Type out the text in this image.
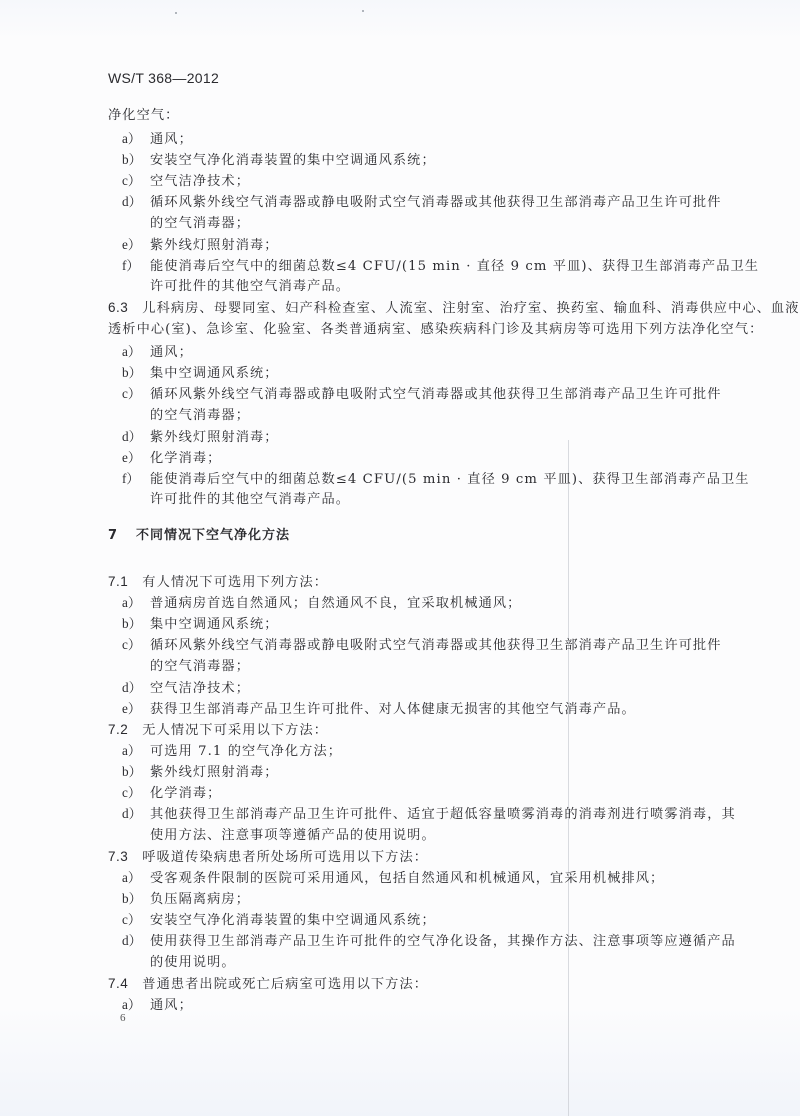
WS/T 368—2012
净化空气：
a） 通风；
b） 安装空气净化消毒装置的集中空调通风系统；
c） 空气洁净技术；
d） 循环风紫外线空气消毒器或静电吸附式空气消毒器或其他获得卫生部消毒产品卫生许可批件
的空气消毒器；
e） 紫外线灯照射消毒；
f） 能使消毒后空气中的细菌总数≤4 CFU/(15 min · 直径 9 cm 平皿)、获得卫生部消毒产品卫生
许可批件的其他空气消毒产品。
6.3 儿科病房、母婴同室、妇产科检查室、人流室、注射室、治疗室、换药室、输血科、消毒供应中心、血液
透析中心(室)、急诊室、化验室、各类普通病室、感染疾病科门诊及其病房等可选用下列方法净化空气：
a） 通风；
b） 集中空调通风系统；
c） 循环风紫外线空气消毒器或静电吸附式空气消毒器或其他获得卫生部消毒产品卫生许可批件
的空气消毒器；
d） 紫外线灯照射消毒；
e） 化学消毒；
f） 能使消毒后空气中的细菌总数≤4 CFU/(5 min · 直径 9 cm 平皿)、获得卫生部消毒产品卫生
许可批件的其他空气消毒产品。
7 不同情况下空气净化方法
7.1 有人情况下可选用下列方法：
a） 普通病房首选自然通风；自然通风不良，宜采取机械通风；
b） 集中空调通风系统；
c） 循环风紫外线空气消毒器或静电吸附式空气消毒器或其他获得卫生部消毒产品卫生许可批件
的空气消毒器；
d） 空气洁净技术；
e） 获得卫生部消毒产品卫生许可批件、对人体健康无损害的其他空气消毒产品。
7.2 无人情况下可采用以下方法：
a） 可选用 7.1 的空气净化方法；
b） 紫外线灯照射消毒；
c） 化学消毒；
d） 其他获得卫生部消毒产品卫生许可批件、适宜于超低容量喷雾消毒的消毒剂进行喷雾消毒，其
使用方法、注意事项等遵循产品的使用说明。
7.3 呼吸道传染病患者所处场所可选用以下方法：
a） 受客观条件限制的医院可采用通风，包括自然通风和机械通风，宜采用机械排风；
b） 负压隔离病房；
c） 安装空气净化消毒装置的集中空调通风系统；
d） 使用获得卫生部消毒产品卫生许可批件的空气净化设备，其操作方法、注意事项等应遵循产品
的使用说明。
7.4 普通患者出院或死亡后病室可选用以下方法：
a） 通风；
6
